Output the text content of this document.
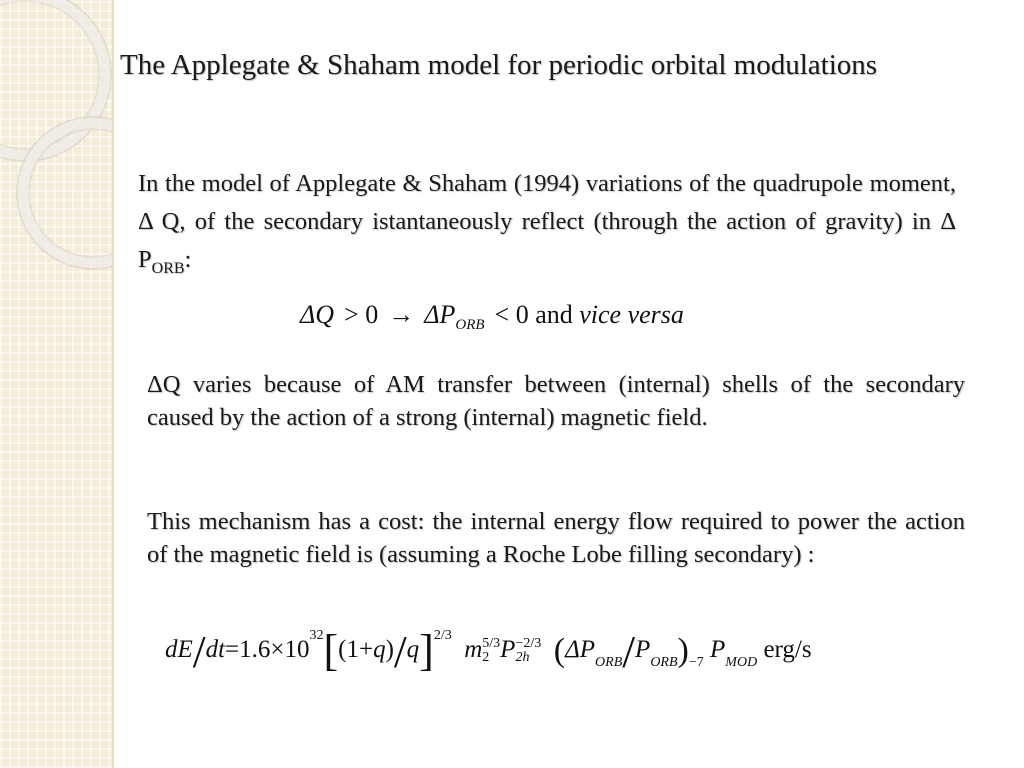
The Applegate & Shaham model for periodic orbital modulations
In the model of Applegate & Shaham (1994) variations of the quadrupole moment, Δ Q, of the secondary istantaneously reflect (through the action of gravity) in Δ $P_{ORB}$:
$\Delta Q > 0 \to \Delta P_{ORB} < 0$ and vice versa
ΔQ varies because of AM transfer between (internal) shells of the secondary caused by the action of a strong (internal) magnetic field.
This mechanism has a cost: the internal energy flow required to power the action of the magnetic field is (assuming a Roche Lobe filling secondary) :
$dE/dt=1.6\times 10^{32}[(1+q)/q]^{2/3}$  m 5/3
2 P −2/3
2h $(\Delta P_{ORB}/P_{ORB})_{-7}$ $P_{MOD}$ erg/s
